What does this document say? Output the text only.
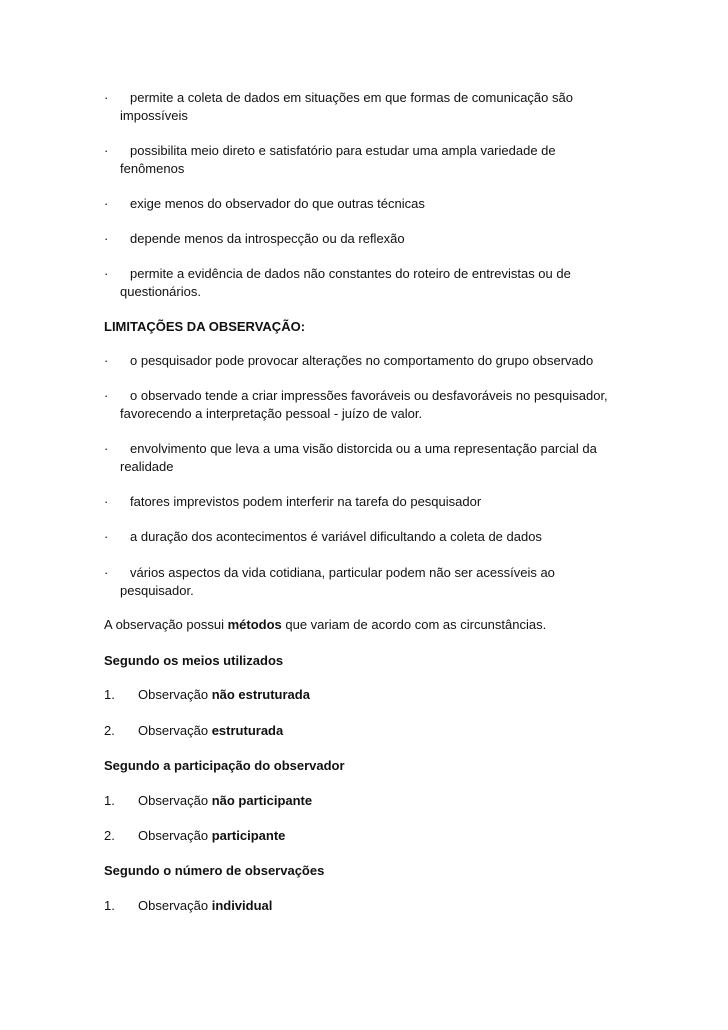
·	permite a coleta de dados em situações em que formas de comunicação são
impossíveis
·	possibilita meio direto e satisfatório para estudar uma ampla variedade de
fenômenos
·	exige menos do observador do que outras técnicas
·	depende menos da introspecção ou da reflexão
·	permite a evidência de dados não constantes do roteiro de entrevistas ou de
questionários.
LIMITAÇÕES DA OBSERVAÇÃO:
·	o pesquisador pode provocar alterações no comportamento do grupo observado
·	o observado tende a criar impressões favoráveis ou desfavoráveis no pesquisador,
favorecendo a interpretação pessoal - juízo de valor.
·	envolvimento que leva a uma visão distorcida ou a uma representação parcial da
realidade
·	fatores imprevistos podem interferir na tarefa do pesquisador
·	a duração dos acontecimentos é variável dificultando a coleta de dados
·	vários aspectos da vida cotidiana, particular podem não ser acessíveis ao
pesquisador.
A observação possui métodos que variam de acordo com as circunstâncias.
Segundo os meios utilizados
1. Observação não estruturada
2. Observação estruturada
Segundo a participação do observador
1. Observação não participante
2. Observação participante
Segundo o número de observações
1. Observação individual
